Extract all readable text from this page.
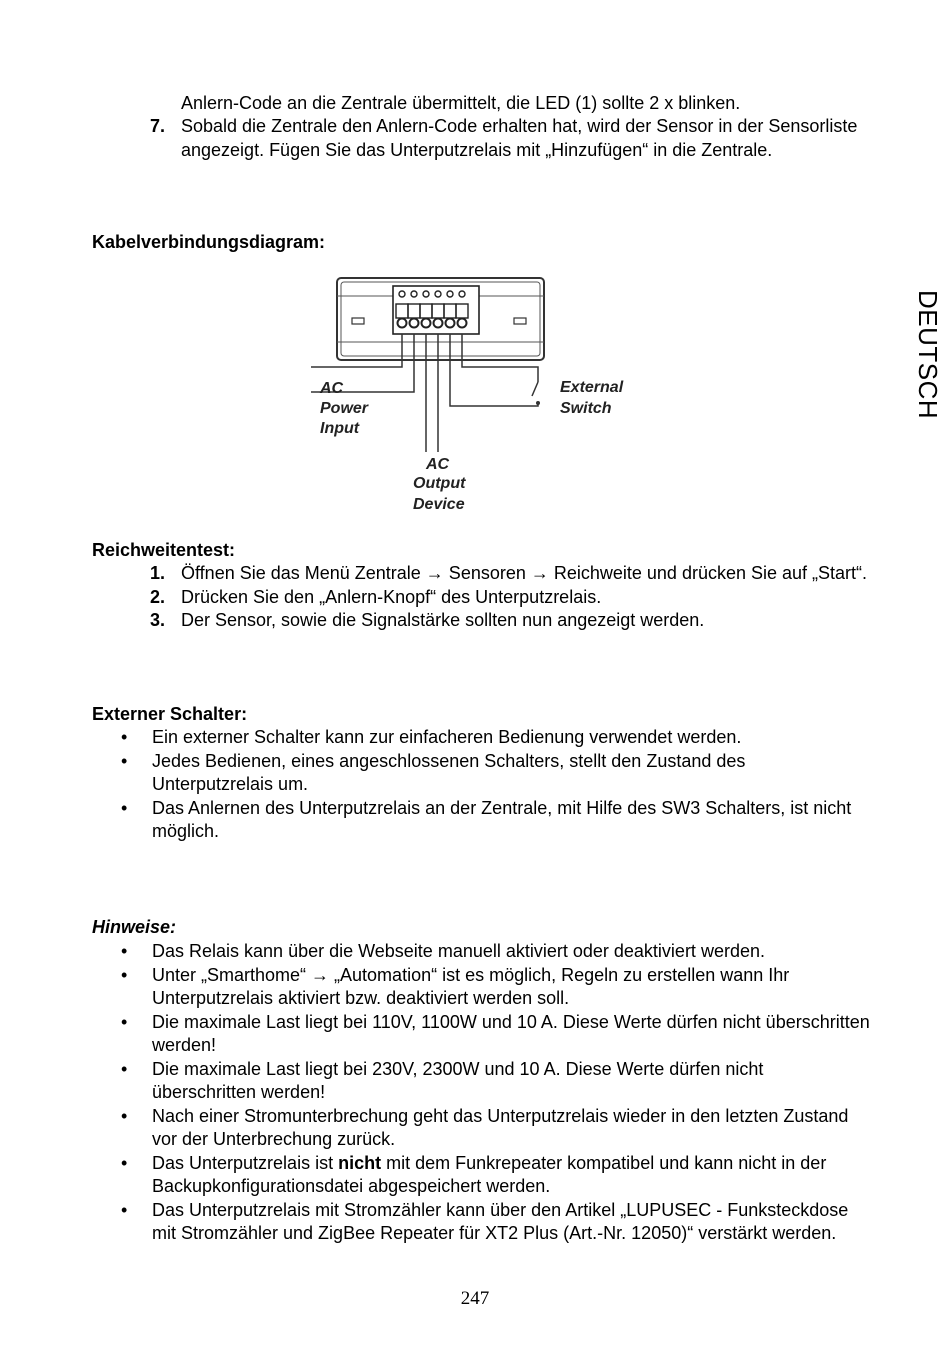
DEUTSCH
Anlern-Code an die Zentrale übermittelt, die LED (1) sollte 2 x blinken.
7. Sobald die Zentrale den Anlern-Code erhalten hat, wird der Sensor in der Sensorliste angezeigt. Fügen Sie das Unterputzrelais mit „Hinzufügen“ in die Zentrale.
Kabelverbindungsdiagram:
AC
Power
Input
External
Switch
AC
Output
Device
Reichweitentest:
1. Öffnen Sie das Menü Zentrale → Sensoren → Reichweite und drücken Sie auf „Start“.
2. Drücken Sie den „Anlern-Knopf“ des Unterputzrelais.
3. Der Sensor, sowie die Signalstärke sollten nun angezeigt werden.
Externer Schalter:
• Ein externer Schalter kann zur einfacheren Bedienung verwendet werden.
• Jedes Bedienen, eines angeschlossenen Schalters, stellt den Zustand des Unterputzrelais um.
• Das Anlernen des Unterputzrelais an der Zentrale, mit Hilfe des SW3 Schalters, ist nicht möglich.
Hinweise:
• Das Relais kann über die Webseite manuell aktiviert oder deaktiviert werden.
• Unter „Smarthome“ → „Automation“ ist es möglich, Regeln zu erstellen wann Ihr Unterputzrelais aktiviert bzw. deaktiviert werden soll.
• Die maximale Last liegt bei 110V, 1100W und 10 A. Diese Werte dürfen nicht überschritten werden!
• Die maximale Last liegt bei 230V, 2300W und 10 A. Diese Werte dürfen nicht überschritten werden!
• Nach einer Stromunterbrechung geht das Unterputzrelais wieder in den letzten Zustand vor der Unterbrechung zurück.
• Das Unterputzrelais ist nicht mit dem Funkrepeater kompatibel und kann nicht in der Backupkonfigurationsdatei abgespeichert werden.
• Das Unterputzrelais mit Stromzähler kann über den Artikel „LUPUSEC - Funksteckdose mit Stromzähler und ZigBee Repeater für XT2 Plus (Art.-Nr. 12050)“ verstärkt werden.
247
